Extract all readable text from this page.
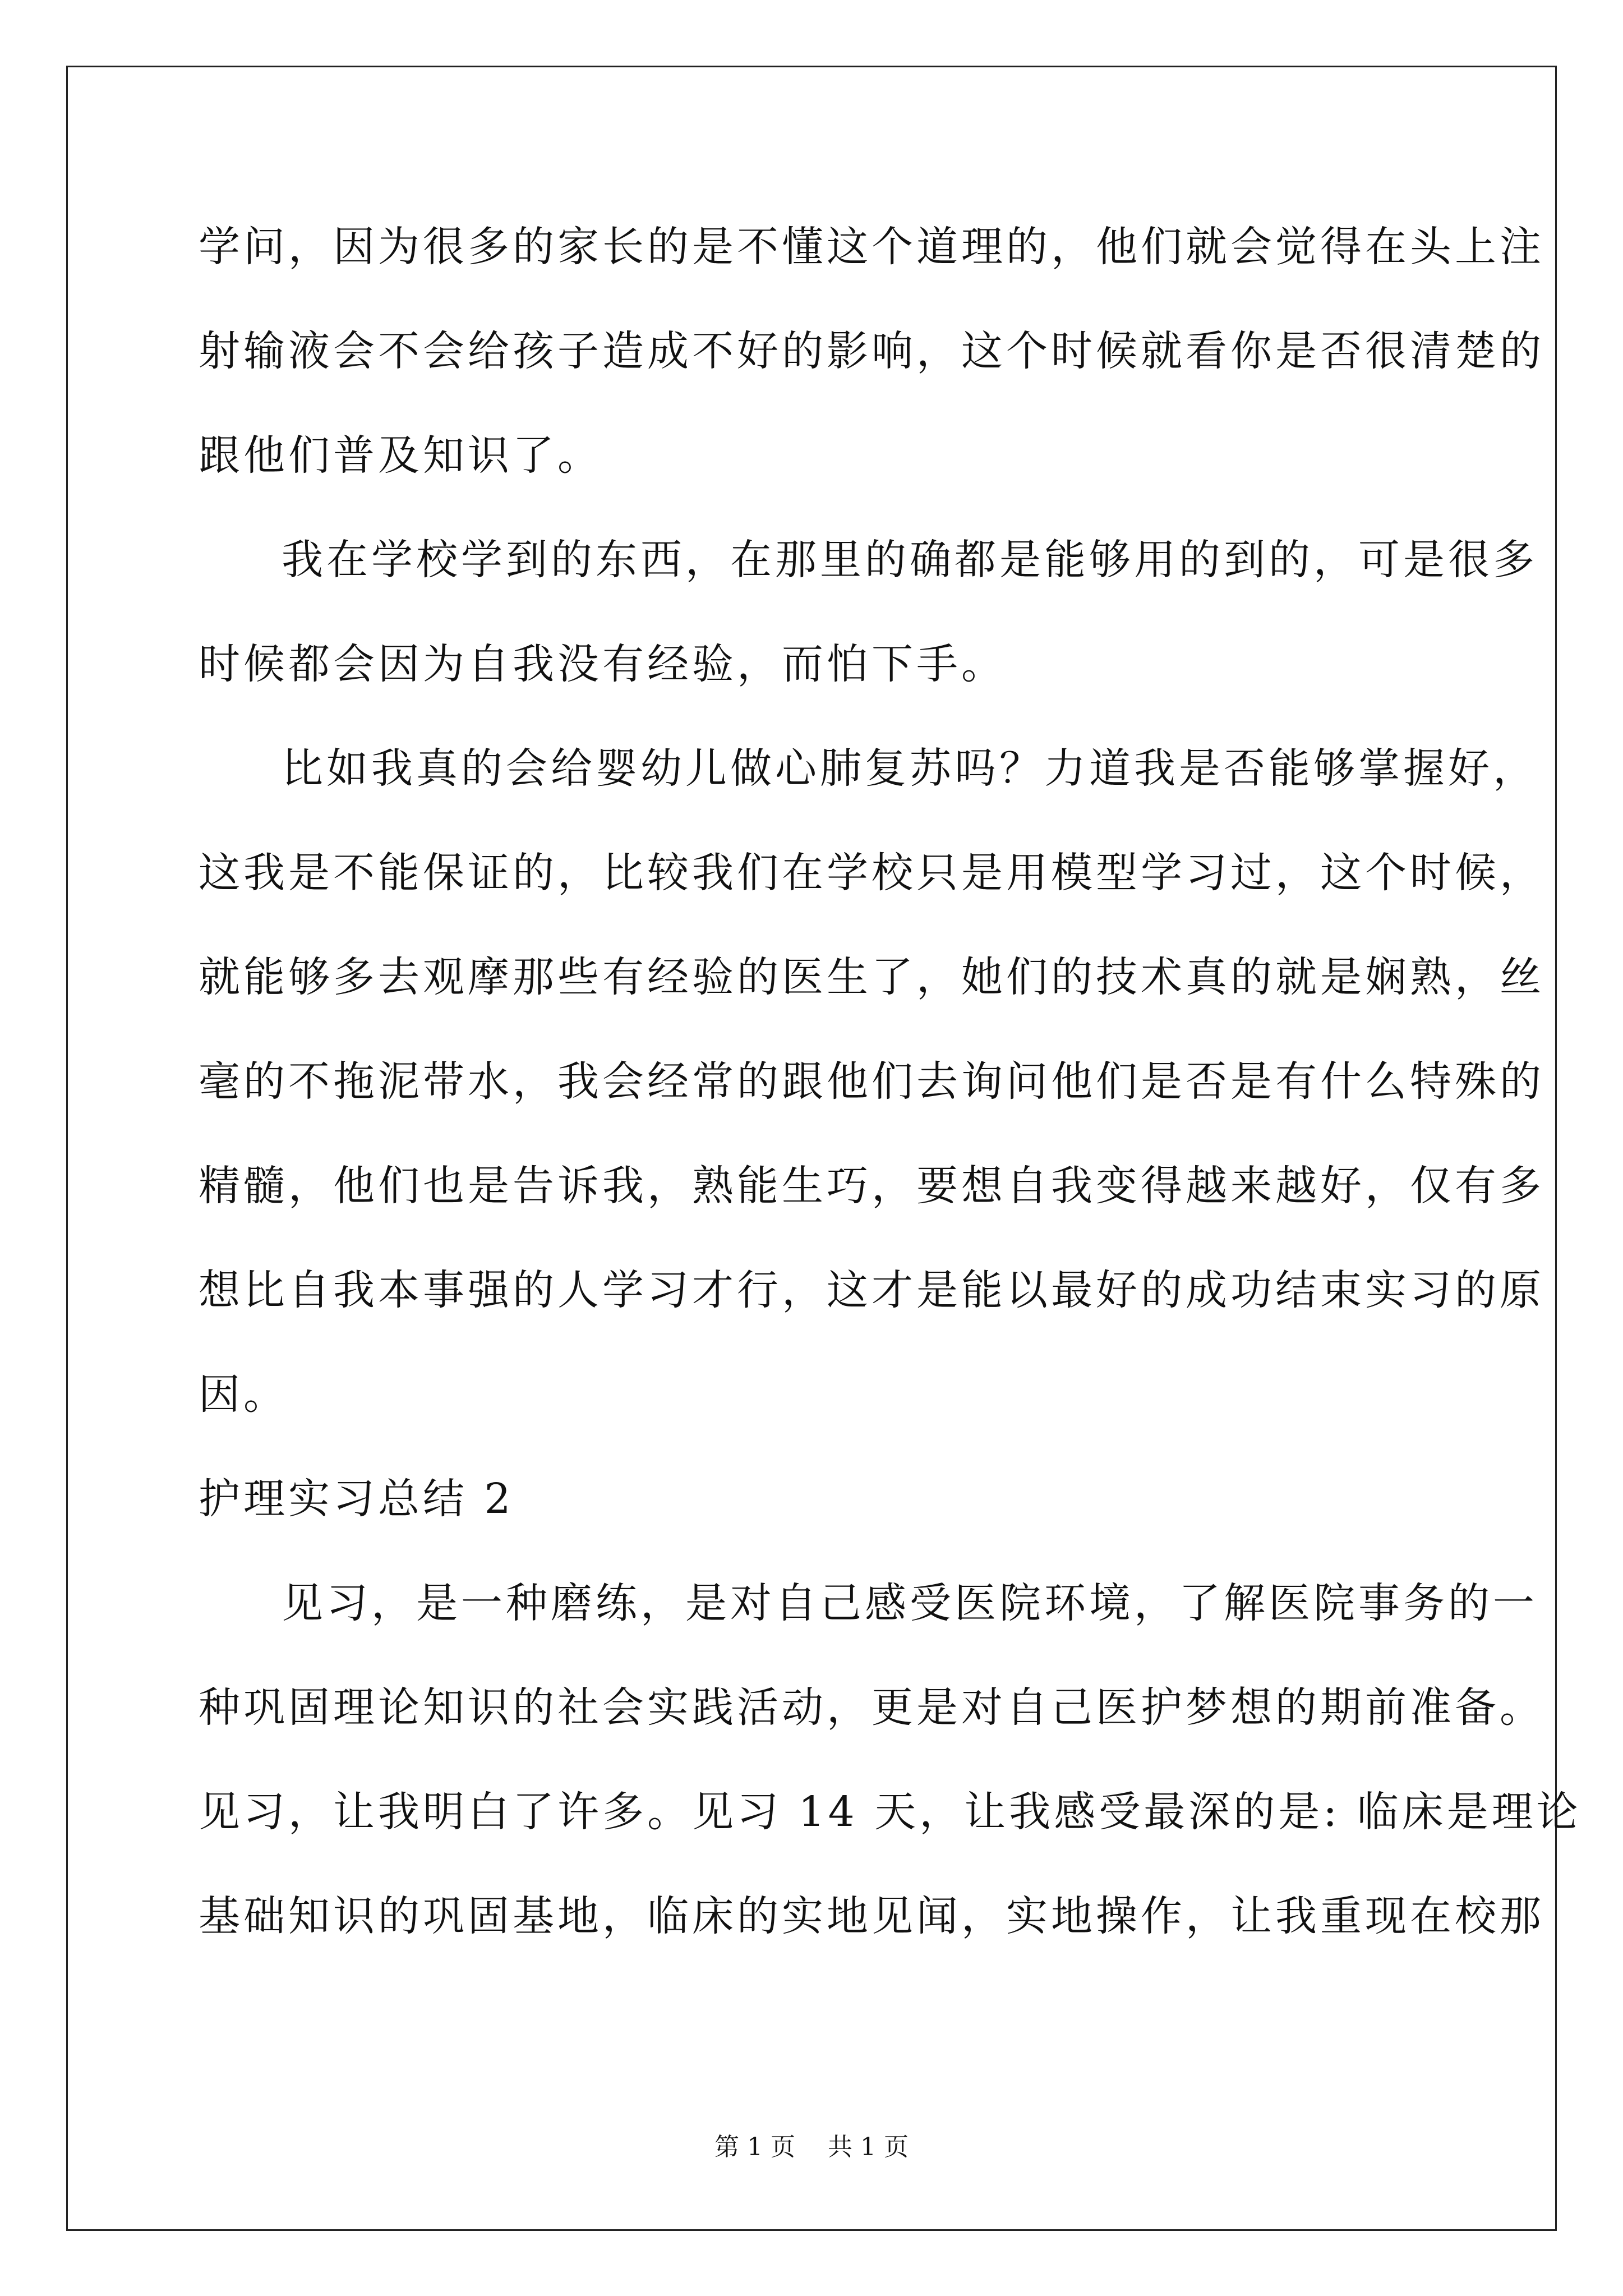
学问，因为很多的家长的是不懂这个道理的，他们就会觉得在头上注
射输液会不会给孩子造成不好的影响，这个时候就看你是否很清楚的
跟他们普及知识了。
我在学校学到的东西，在那里的确都是能够用的到的，可是很多
时候都会因为自我没有经验，而怕下手。
比如我真的会给婴幼儿做心肺复苏吗？力道我是否能够掌握好，
这我是不能保证的，比较我们在学校只是用模型学习过，这个时候，
就能够多去观摩那些有经验的医生了，她们的技术真的就是娴熟，丝
毫的不拖泥带水，我会经常的跟他们去询问他们是否是有什么特殊的
精髓，他们也是告诉我，熟能生巧，要想自我变得越来越好，仅有多
想比自我本事强的人学习才行，这才是能以最好的成功结束实习的原
因。
护理实习总结 2
见习，是一种磨练，是对自己感受医院环境，了解医院事务的一
种巩固理论知识的社会实践活动，更是对自己医护梦想的期前准备。
见习，让我明白了许多。见习 14 天，让我感受最深的是: 临床是理论
基础知识的巩固基地，临床的实地见闻，实地操作，让我重现在校那
第 1 页 共 1 页
